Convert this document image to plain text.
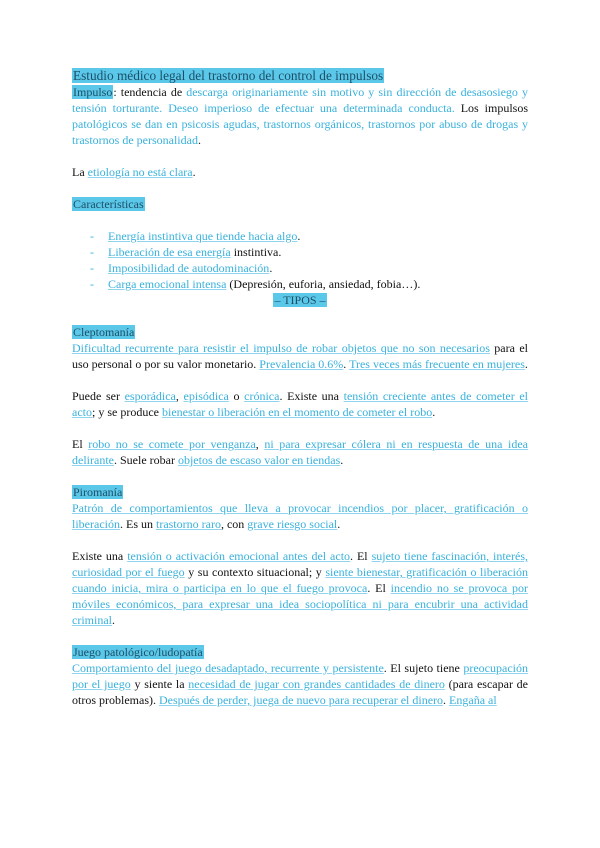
Estudio médico legal del trastorno del control de impulsos

Impulso: tendencia de descarga originariamente sin motivo y sin dirección de desasosiego y tensión torturante. Deseo imperioso de efectuar una determinada conducta. Los impulsos patológicos se dan en psicosis agudas, trastornos orgánicos, trastornos por abuso de drogas y trastornos de personalidad.

La etiología no está clara.

Características
- Energía instintiva que tiende hacia algo.
- Liberación de esa energía instintiva.
- Imposibilidad de autodominación.
- Carga emocional intensa (Depresión, euforia, ansiedad, fobia…).
– TIPOS –
Cleptomanía

Dificultad recurrente para resistir el impulso de robar objetos que no son necesarios para el uso personal o por su valor monetario. Prevalencia 0.6%. Tres veces más frecuente en mujeres.

Puede ser esporádica, episódica o crónica. Existe una tensión creciente antes de cometer el acto; y se produce bienestar o liberación en el momento de cometer el robo.

El robo no se comete por venganza, ni para expresar cólera ni en respuesta de una idea delirante. Suele robar objetos de escaso valor en tiendas.

Piromanía

Patrón de comportamientos que lleva a provocar incendios por placer, gratificación o liberación. Es un trastorno raro, con grave riesgo social.

Existe una tensión o activación emocional antes del acto. El sujeto tiene fascinación, interés, curiosidad por el fuego y su contexto situacional; y siente bienestar, gratificación o liberación cuando inicia, mira o participa en lo que el fuego provoca. El incendio no se provoca por móviles económicos, para expresar una idea sociopolítica ni para encubrir una actividad criminal.

Juego patológico/ludopatía

Comportamiento del juego desadaptado, recurrente y persistente. El sujeto tiene preocupación por el juego y siente la necesidad de jugar con grandes cantidades de dinero (para escapar de otros problemas). Después de perder, juega de nuevo para recuperar el dinero. Engaña al
